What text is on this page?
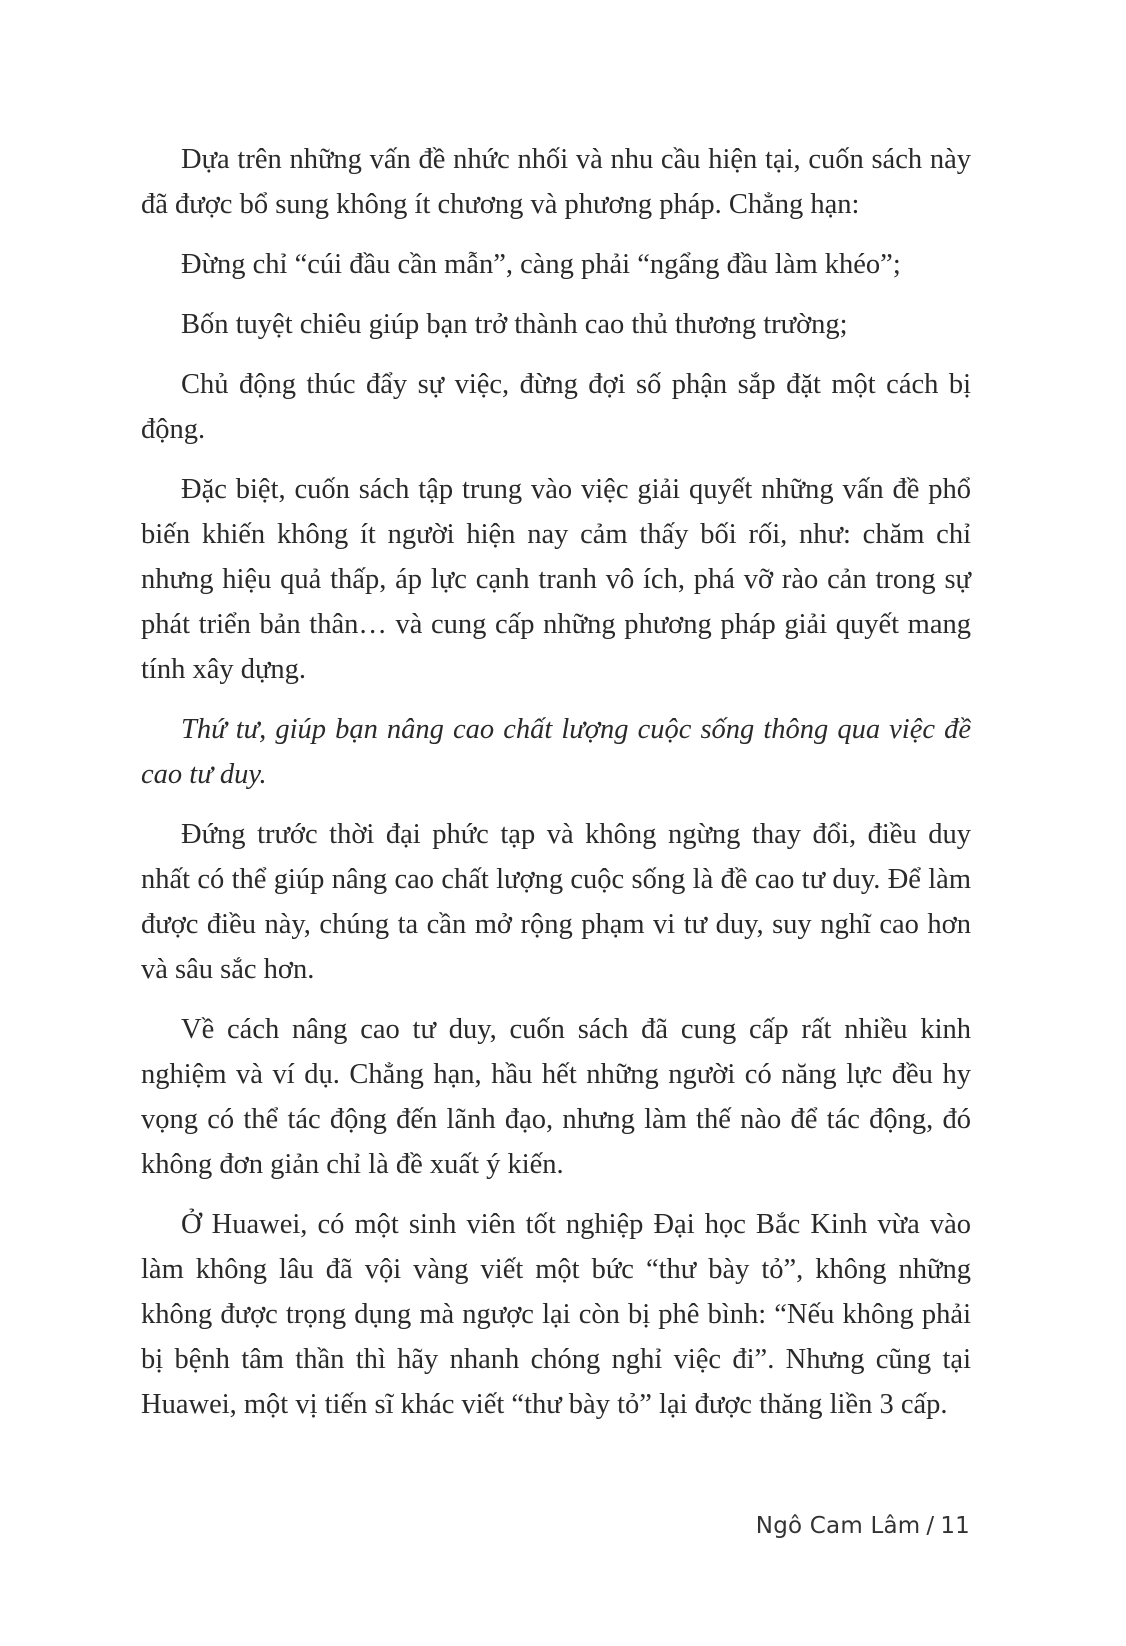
Dựa trên những vấn đề nhức nhối và nhu cầu hiện tại, cuốn sách này đã được bổ sung không ít chương và phương pháp. Chẳng hạn:

Đừng chỉ “cúi đầu cần mẫn”, càng phải “ngẩng đầu làm khéo”;

Bốn tuyệt chiêu giúp bạn trở thành cao thủ thương trường;

Chủ động thúc đẩy sự việc, đừng đợi số phận sắp đặt một cách bị động.

Đặc biệt, cuốn sách tập trung vào việc giải quyết những vấn đề phổ biến khiến không ít người hiện nay cảm thấy bối rối, như: chăm chỉ nhưng hiệu quả thấp, áp lực cạnh tranh vô ích, phá vỡ rào cản trong sự phát triển bản thân… và cung cấp những phương pháp giải quyết mang tính xây dựng.

Thứ tư, giúp bạn nâng cao chất lượng cuộc sống thông qua việc đề cao tư duy.

Đứng trước thời đại phức tạp và không ngừng thay đổi, điều duy nhất có thể giúp nâng cao chất lượng cuộc sống là đề cao tư duy. Để làm được điều này, chúng ta cần mở rộng phạm vi tư duy, suy nghĩ cao hơn và sâu sắc hơn.

Về cách nâng cao tư duy, cuốn sách đã cung cấp rất nhiều kinh nghiệm và ví dụ. Chẳng hạn, hầu hết những người có năng lực đều hy vọng có thể tác động đến lãnh đạo, nhưng làm thế nào để tác động, đó không đơn giản chỉ là đề xuất ý kiến.

Ở Huawei, có một sinh viên tốt nghiệp Đại học Bắc Kinh vừa vào làm không lâu đã vội vàng viết một bức “thư bày tỏ”, không những không được trọng dụng mà ngược lại còn bị phê bình: “Nếu không phải bị bệnh tâm thần thì hãy nhanh chóng nghỉ việc đi”. Nhưng cũng tại Huawei, một vị tiến sĩ khác viết “thư bày tỏ” lại được thăng liền 3 cấp.

Ngô Cam Lâm / 11
